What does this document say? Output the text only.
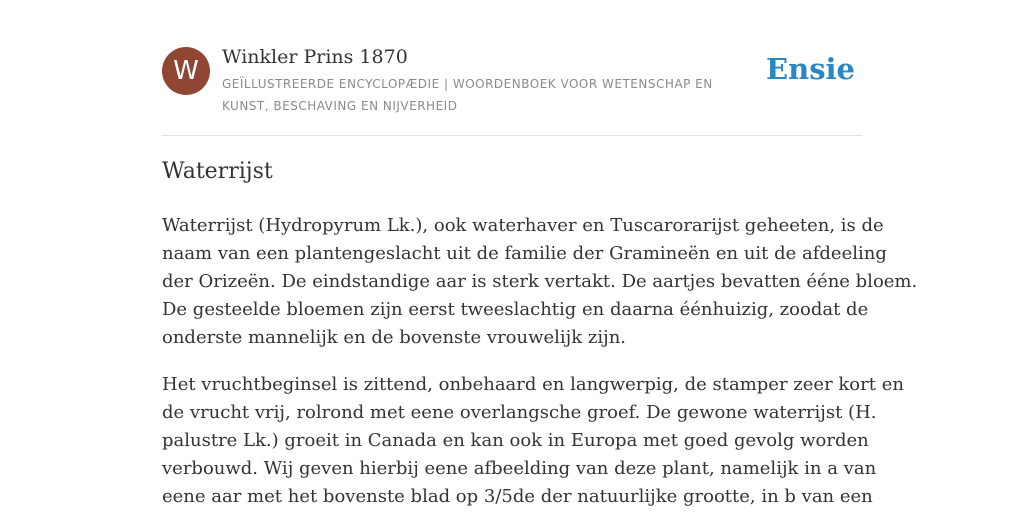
W	Winkler Prins 1870
GEÏLLUSTREERDE ENCYCLOPÆDIE | WOORDENBOEK VOOR WETENSCHAP EN KUNST, BESCHAVING EN NIJVERHEID
Ensie
Waterrijst

Waterrijst (Hydropyrum Lk.), ook waterhaver en Tuscarorarijst geheeten, is de
naam van een plantengeslacht uit de familie der Gramineën en uit de afdeeling
der Orizeën. De eindstandige aar is sterk vertakt. De aartjes bevatten ééne bloem.
De gesteelde bloemen zijn eerst tweeslachtig en daarna éénhuizig, zoodat de
onderste mannelijk en de bovenste vrouwelijk zijn.

Het vruchtbeginsel is zittend, onbehaard en langwerpig, de stamper zeer kort en
de vrucht vrij, rolrond met eene overlangsche groef. De gewone waterrijst (H.
palustre Lk.) groeit in Canada en kan ook in Europa met goed gevolg worden
verbouwd. Wij geven hierbij eene afbeelding van deze plant, namelijk in a van
eene aar met het bovenste blad op 3/5de der natuurlijke grootte, in b van een
